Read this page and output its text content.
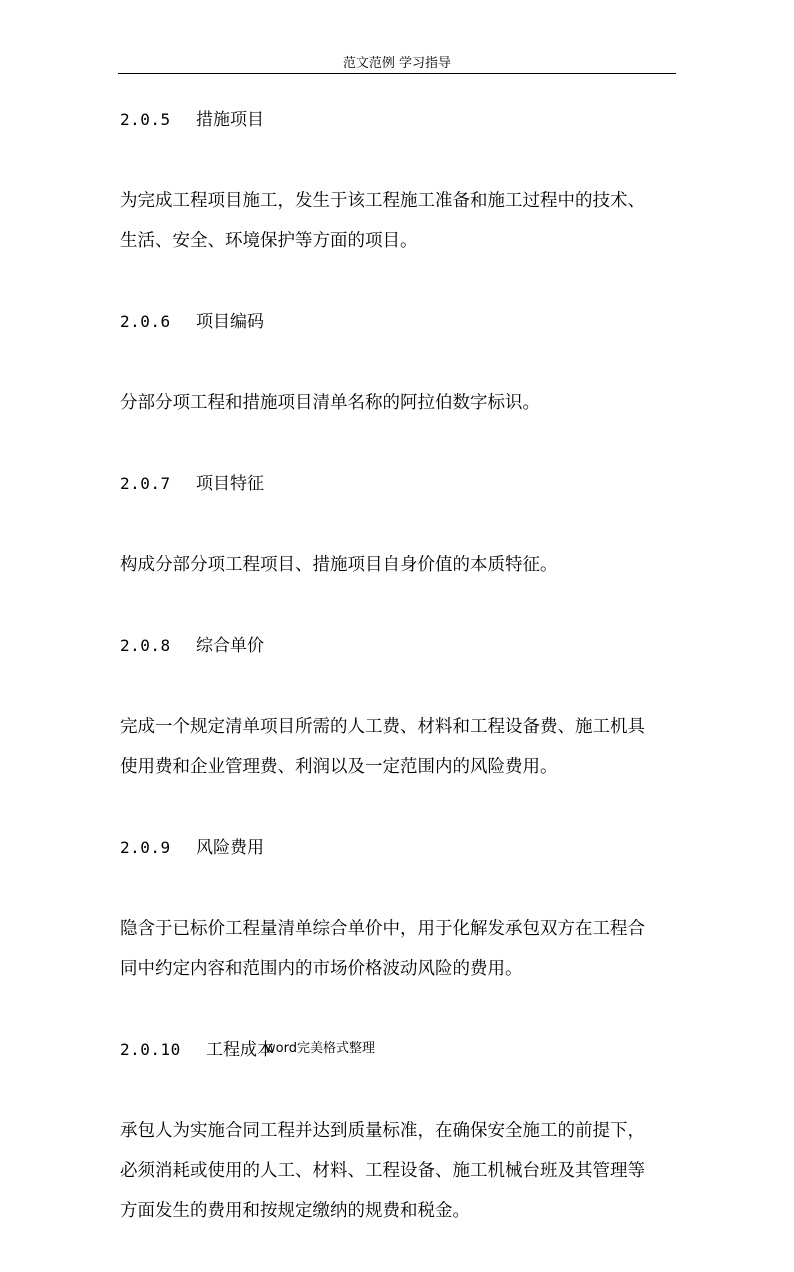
范文范例 学习指导
2.0.5 措施项目
为完成工程项目施工，发生于该工程施工准备和施工过程中的技术、
生活、安全、环境保护等方面的项目。
2.0.6 项目编码
分部分项工程和措施项目清单名称的阿拉伯数字标识。
2.0.7 项目特征
构成分部分项工程项目、措施项目自身价值的本质特征。
2.0.8 综合单价
完成一个规定清单项目所需的人工费、材料和工程设备费、施工机具
使用费和企业管理费、利润以及一定范围内的风险费用。
2.0.9 风险费用
隐含于已标价工程量清单综合单价中，用于化解发承包双方在工程合
同中约定内容和范围内的市场价格波动风险的费用。
2.0.10 工程成本
承包人为实施合同工程并达到质量标准，在确保安全施工的前提下，
必须消耗或使用的人工、材料、工程设备、施工机械台班及其管理等
方面发生的费用和按规定缴纳的规费和税金。
word完美格式整理
